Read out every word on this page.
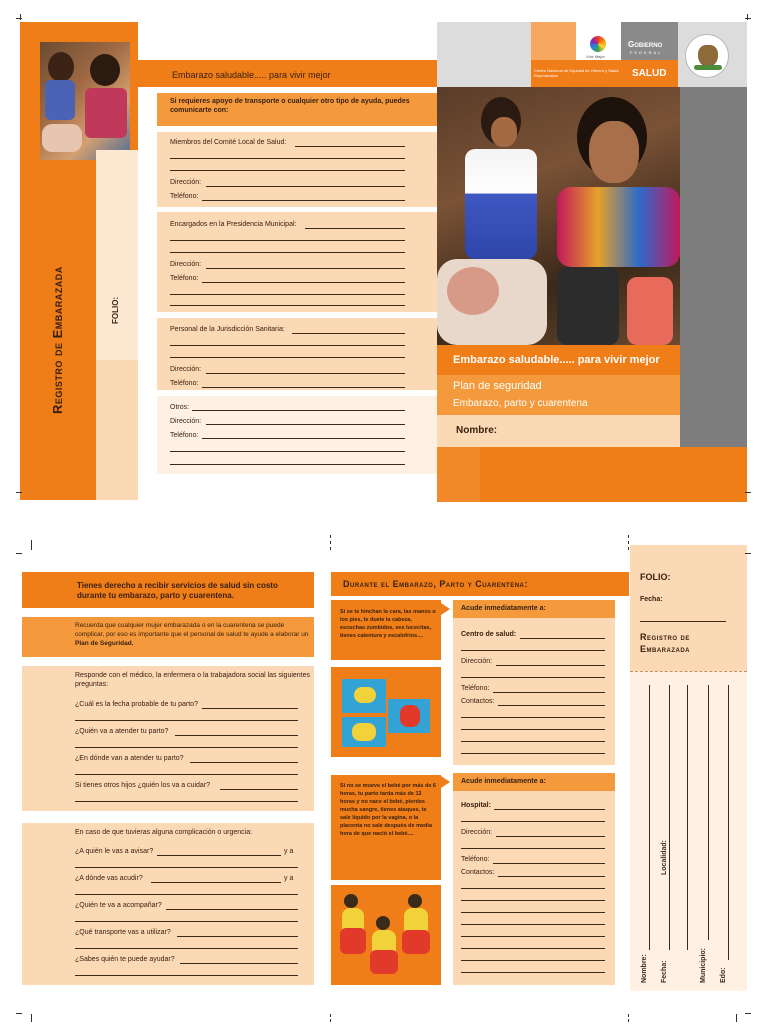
Registro de Embarazada	FOLIO:
Embarazo saludable..... para vivir mejor
Si requieres apoyo de transporte o cualquier otro tipo de ayuda, puedes comunicarte con:
Miembros del Comité Local de Salud:
Dirección:
Teléfono:
Encargados en la Presidencia Municipal:
Dirección:
Teléfono:
Personal de la Jurisdicción Sanitaria:
Dirección:
Teléfono:
Otros:
Dirección:
Teléfono:
Vivir Mejor
Gobierno
FEDERAL
SALUD
Centro Nacional de Equidad de Género y Salud Reproductiva
Embarazo saludable..... para vivir mejor
Plan de seguridad
Embarazo, parto y cuarentena
Nombre:
Tienes derecho a recibir servicios de salud sin costo durante tu embarazo, parto y cuarentena.
Recuerda que cualquier mujer embarazada o en la cuarentena se puede complicar, por eso es importante que el personal de salud te ayude a elaborar un Plan de Seguridad.
Responde con el médico, la enfermera o la trabajadora social las siguientes preguntas:
¿Cuál es la fecha probable de tu parto?
¿Quién va a atender tu parto?
¿En dónde van a atender tu parto?
Si tienes otros hijos ¿quién los va a cuidar?
En caso de que tuvieras alguna complicación o urgencia:
¿A quién le vas a avisar?	y a
¿A dónde vas acudir?	y a
¿Quién te va a acompañar?
¿Qué transporte vas a utilizar?
¿Sabes quién te puede ayudar?
Durante el Embarazo, Parto y Cuarentena:
Si se te hinchan la cara, las manos o los pies, te duele la cabeza, escuchas zumbidos, ves lucecitas, tienes calentura y escalofríos....
Acude inmediatamente a:
Centro de salud:
Dirección:
Teléfono:
Contactos:
Si no se mueve el bebé por más de 6 horas, tu parto tarda más de 12 horas y no nace el bebé, pierdes mucha sangre, tienes ataques, te sale líquido por la vagina, o la placenta no sale después de media hora de que nació el bebé....
Acude inmediatamente a:
Hospital:
Dirección:
Teléfono:
Contactos:
FOLIO:
Fecha:
Registro de Embarazada
Nombre: Fecha:
Localidad:
Municipio: Edo:
